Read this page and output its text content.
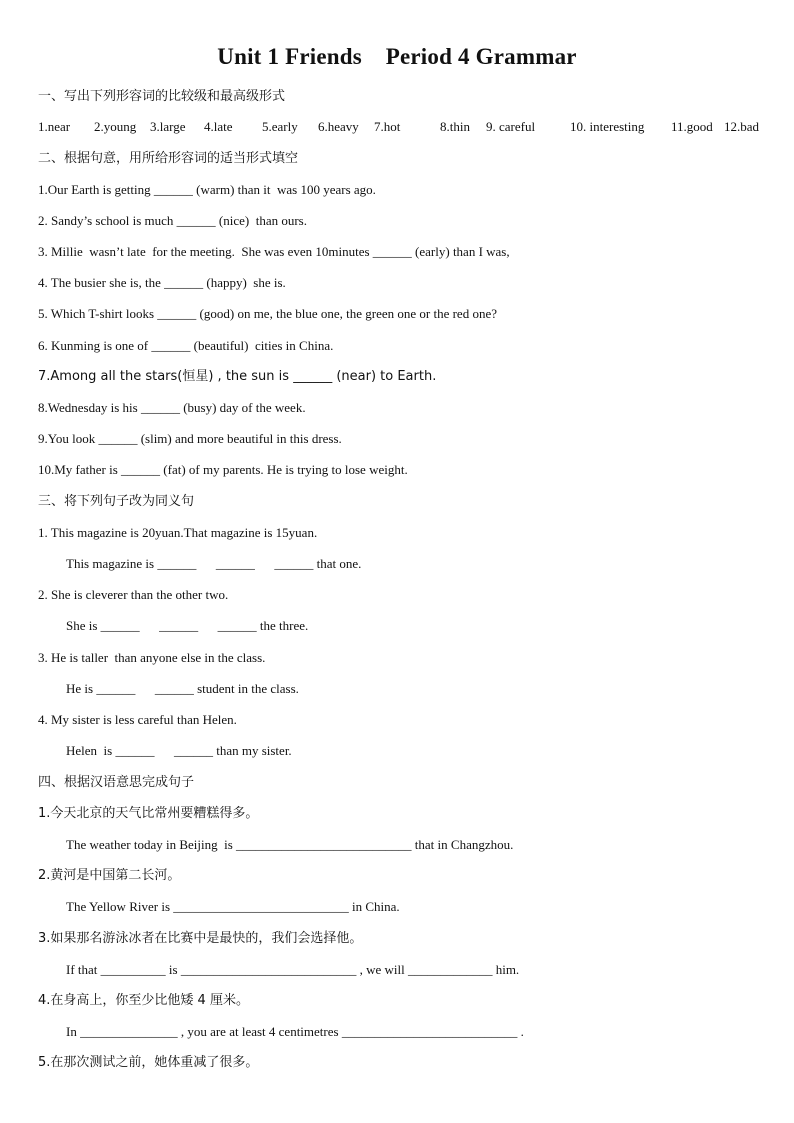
Unit 1 Friends    Period 4 Grammar
一、写出下列形容词的比较级和最高级形式
1.near 2.young 3.large 4.late 5.early 6.heavy 7.hot	8.thin 9. careful	10. interesting 11.good 12.bad
二、根据句意，用所给形容词的适当形式填空
1.Our Earth is getting ______ (warm) than it  was 100 years ago.
2. Sandy’s school is much ______ (nice)  than ours.
3. Millie  wasn’t late  for the meeting.  She was even 10minutes ______ (early) than I was,
4. The busier she is, the ______ (happy)  she is.
5. Which T-shirt looks ______ (good) on me, the blue one, the green one or the red one?
6. Kunming is one of ______ (beautiful)  cities in China.
7.Among all the stars(恒星) , the sun is ______ (near) to Earth.
8.Wednesday is his ______ (busy) day of the week.
9.You look ______ (slim) and more beautiful in this dress.
10.My father is ______ (fat) of my parents. He is trying to lose weight.
三、将下列句子改为同义句
1. This magazine is 20yuan.That magazine is 15yuan.
This magazine is ______      ______      ______ that one.
2. She is cleverer than the other two.
She is ______      ______      ______ the three.
3. He is taller  than anyone else in the class.
He is ______      ______ student in the class.
4. My sister is less careful than Helen.
Helen  is ______      ______ than my sister.
四、根据汉语意思完成句子
1.今天北京的天气比常州要糟糕得多。
The weather today in Beijing  is ___________________________ that in Changzhou.
2.黄河是中国第二长河。
The Yellow River is ___________________________ in China.
3.如果那名游泳冰者在比赛中是最快的，我们会选择他。
If that __________ is ___________________________ , we will _____________ him.
4.在身高上，你至少比他矮 4 厘米。
In _______________ , you are at least 4 centimetres ___________________________ .
5.在那次测试之前，她体重减了很多。
